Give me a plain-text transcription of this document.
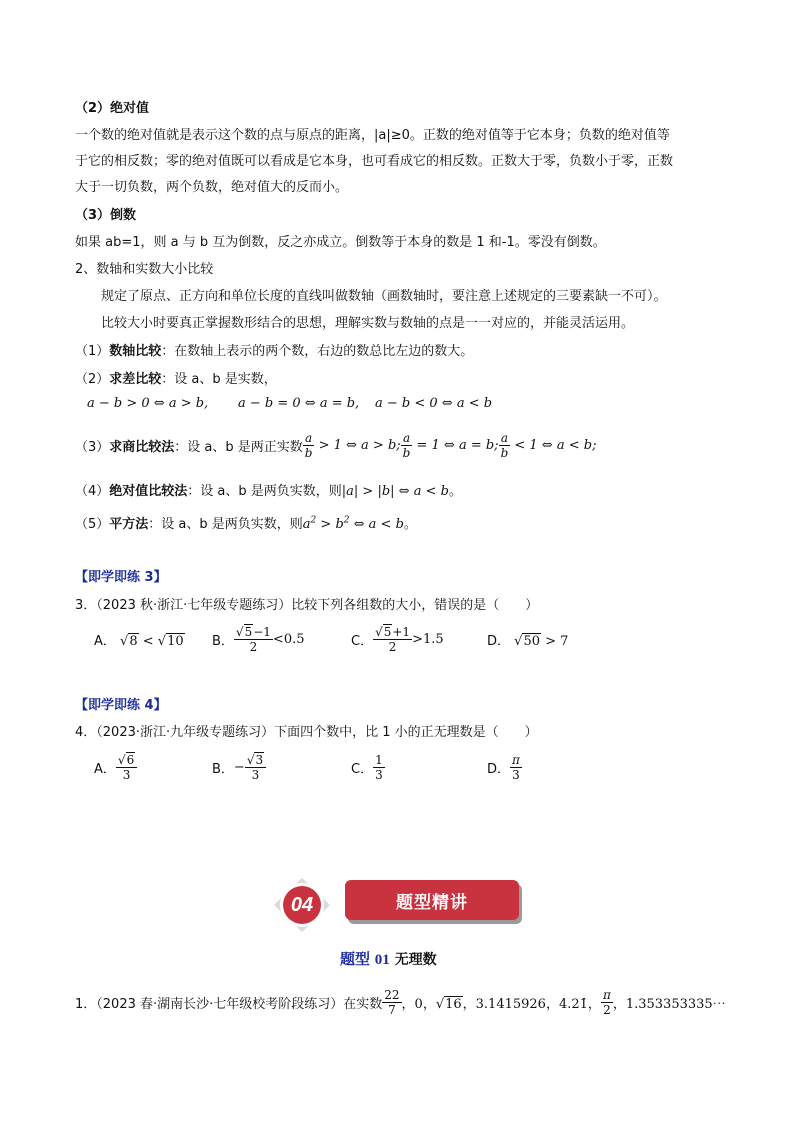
（2）绝对值
一个数的绝对值就是表示这个数的点与原点的距离，|a|≥0。正数的绝对值等于它本身；负数的绝对值等
于它的相反数；零的绝对值既可以看成是它本身，也可看成它的相反数。正数大于零，负数小于零，正数
大于一切负数，两个负数，绝对值大的反而小。
（3）倒数
如果 ab=1，则 a 与 b 互为倒数，反之亦成立。倒数等于本身的数是 1 和-1。零没有倒数。
2、数轴和实数大小比较
规定了原点、正方向和单位长度的直线叫做数轴（画数轴时，要注意上述规定的三要素缺一不可）。
比较大小时要真正掌握数形结合的思想，理解实数与数轴的点是一一对应的，并能灵活运用。
（1）数轴比较：在数轴上表示的两个数，右边的数总比左边的数大。
（2）求差比较：设 a、b 是实数，
a − b > 0 ⇔ a > b, a − b = 0 ⇔ a = b, a − b < 0 ⇔ a < b
（3） 求商比较法 ：设 a、b 是两正实数 $\frac{a}{b} > 1$ ⇔ a > b; $\frac{a}{b} = 1$ ⇔ a = b; $\frac{a}{b} < 1$ ⇔ a < b;
（4）绝对值比较法：设 a、b 是两负实数，则|a| > |b| ⇔ a < b。
（5）平方法：设 a、b 是两负实数，则$a^2 > b^2$ ⇔ a < b。
【即学即练 3】
3．（2023 秋·浙江·七年级专题练习）比较下列各组数的大小，错误的是（　　）
A． √8 < √10 B． $\frac{√5-1}{2} <0.5$	C． $\frac{√5+1}{2} >1.5$	D． √50 > 7
【即学即练 4】
4．（2023·浙江·九年级专题练习）下面四个数中，比 1 小的正无理数是（　　）
A． $\frac{√6}{3}$	B． − $\frac{√3}{3}$	C． $\frac{1}{3}$	D． $\frac{\pi}{3}$
04	题型精讲
题型 01 无理数
1．（2023 春·湖南长沙·七年级校考阶段练习）在实数 $\frac{22}{7}$ ，0，√16，3.1415926，4.21̇， $\frac{\pi}{2}$ ，1.353353335⋯
